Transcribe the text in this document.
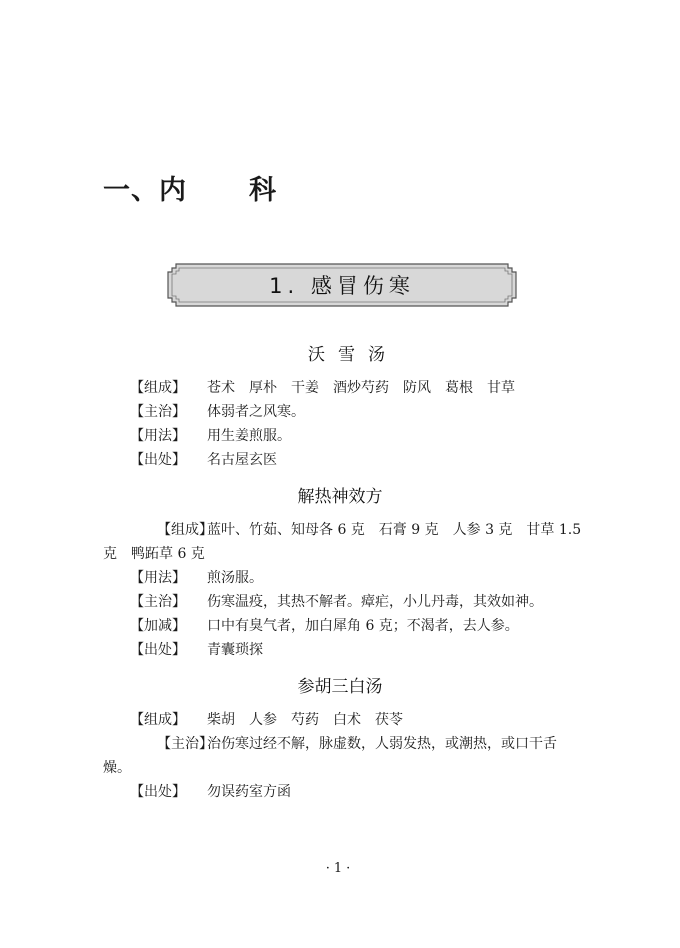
一、内 科
1. 感冒伤寒
沃雪汤

【组成】 苍术　厚朴　干姜　酒炒芍药　防风　葛根　甘草

【主治】 体弱者之风寒。

【用法】 用生姜煎服。

【出处】 名古屋玄医

解热神效方

【组成】蓝叶、竹茹、知母各 6 克　石膏 9 克　人参 3 克　甘草 1.5 克　鸭跖草 6 克

【用法】 煎汤服。

【主治】 伤寒温疫，其热不解者。瘴疟，小儿丹毒，其效如神。

【加减】 口中有臭气者，加白犀角 6 克；不渴者，去人参。

【出处】 青囊琐探

参胡三白汤

【组成】 柴胡　人参　芍药　白术　茯苓

【主治】治伤寒过经不解，脉虚数，人弱发热，或潮热，或口干舌燥。

【出处】 勿误药室方函

·1·
